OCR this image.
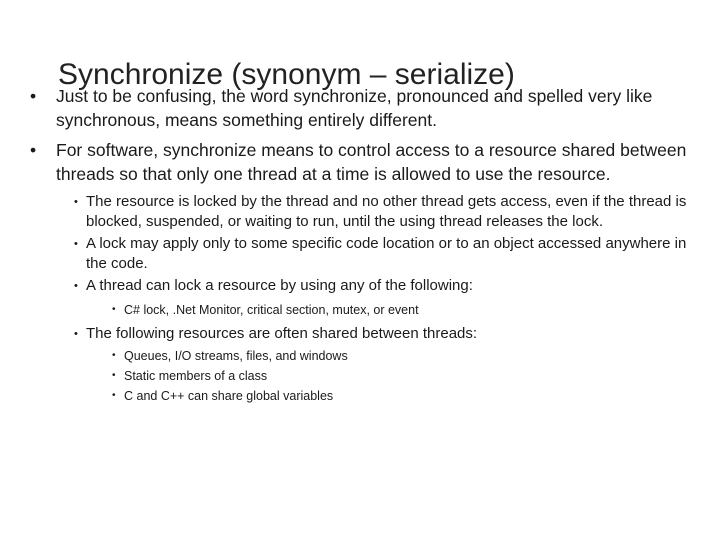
Synchronize (synonym – serialize)
• Just to be confusing, the word synchronize, pronounced and spelled very like synchronous, means something entirely different.
• For software, synchronize means to control access to a resource shared between threads so that only one thread at a time is allowed to use the resource.
• The resource is locked by the thread and no other thread gets access, even if the thread is blocked, suspended, or waiting to run, until the using thread releases the lock.
• A lock may apply only to some specific code location or to an object accessed anywhere in the code.
• A thread can lock a resource by using any of the following:
• C# lock, .Net Monitor, critical section, mutex, or event
• The following resources are often shared between threads:
• Queues, I/O streams, files, and windows
• Static members of a class
• C and C++ can share global variables
